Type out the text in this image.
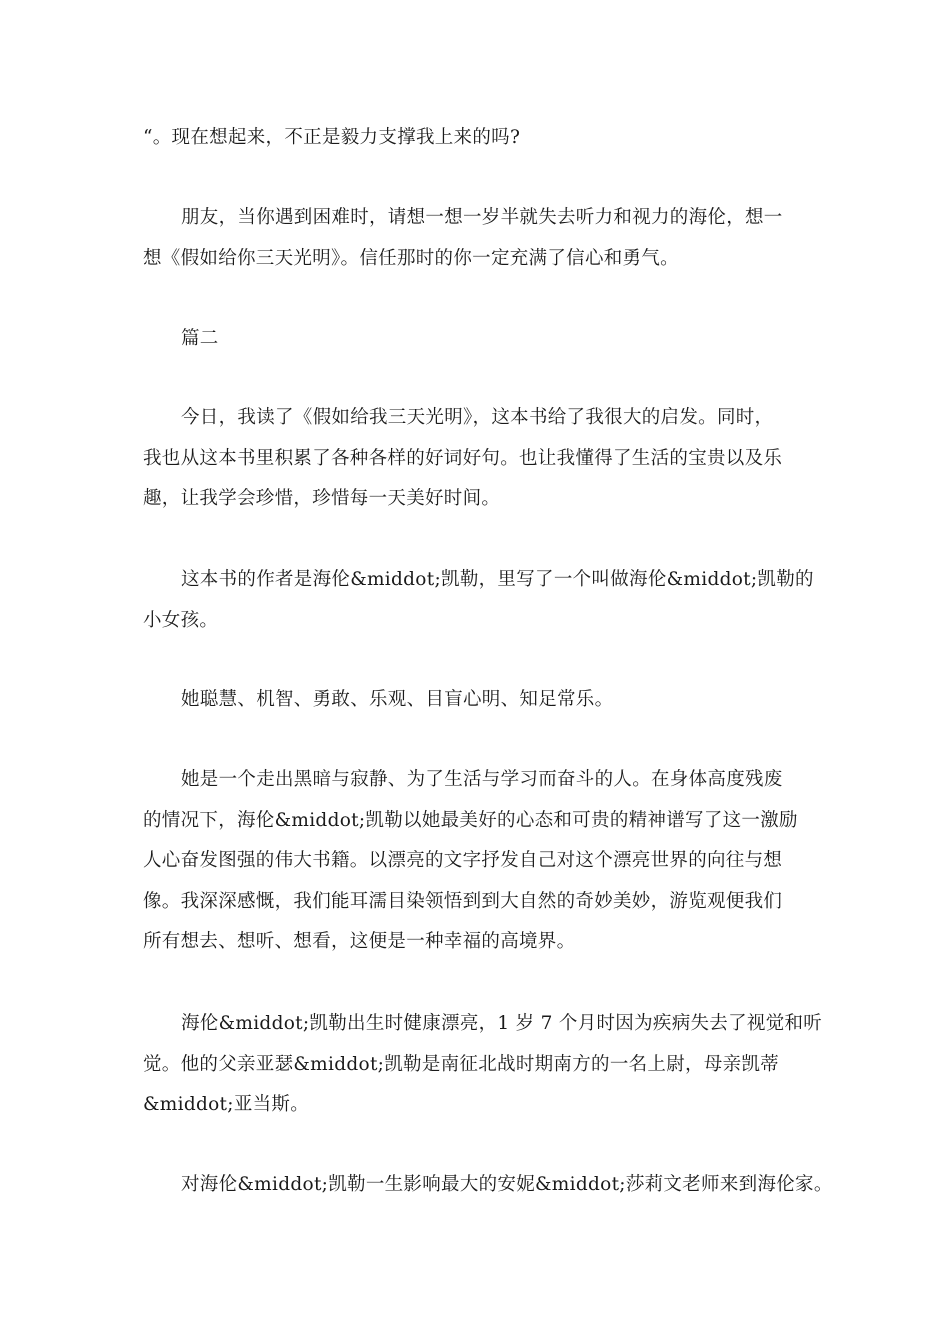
“。现在想起来，不正是毅力支撑我上来的吗?

朋友，当你遇到困难时，请想一想一岁半就失去听力和视力的海伦，想一
想《假如给你三天光明》。信任那时的你一定充满了信心和勇气。

篇二

今日，我读了《假如给我三天光明》，这本书给了我很大的启发。同时，
我也从这本书里积累了各种各样的好词好句。也让我懂得了生活的宝贵以及乐
趣，让我学会珍惜，珍惜每一天美好时间。

这本书的作者是海伦&middot;凯勒，里写了一个叫做海伦&middot;凯勒的
小女孩。

她聪慧、机智、勇敢、乐观、目盲心明、知足常乐。

她是一个走出黑暗与寂静、为了生活与学习而奋斗的人。在身体高度残废
的情况下，海伦&middot;凯勒以她最美好的心态和可贵的精神谱写了这一激励
人心奋发图强的伟大书籍。以漂亮的文字抒发自己对这个漂亮世界的向往与想
像。我深深感慨，我们能耳濡目染领悟到到大自然的奇妙美妙，游览观便我们
所有想去、想听、想看，这便是一种幸福的高境界。

海伦&middot;凯勒出生时健康漂亮，1 岁 7 个月时因为疾病失去了视觉和听
觉。他的父亲亚瑟&middot;凯勒是南征北战时期南方的一名上尉，母亲凯蒂
&middot;亚当斯。

对海伦&middot;凯勒一生影响最大的安妮&middot;莎莉文老师来到海伦家。
